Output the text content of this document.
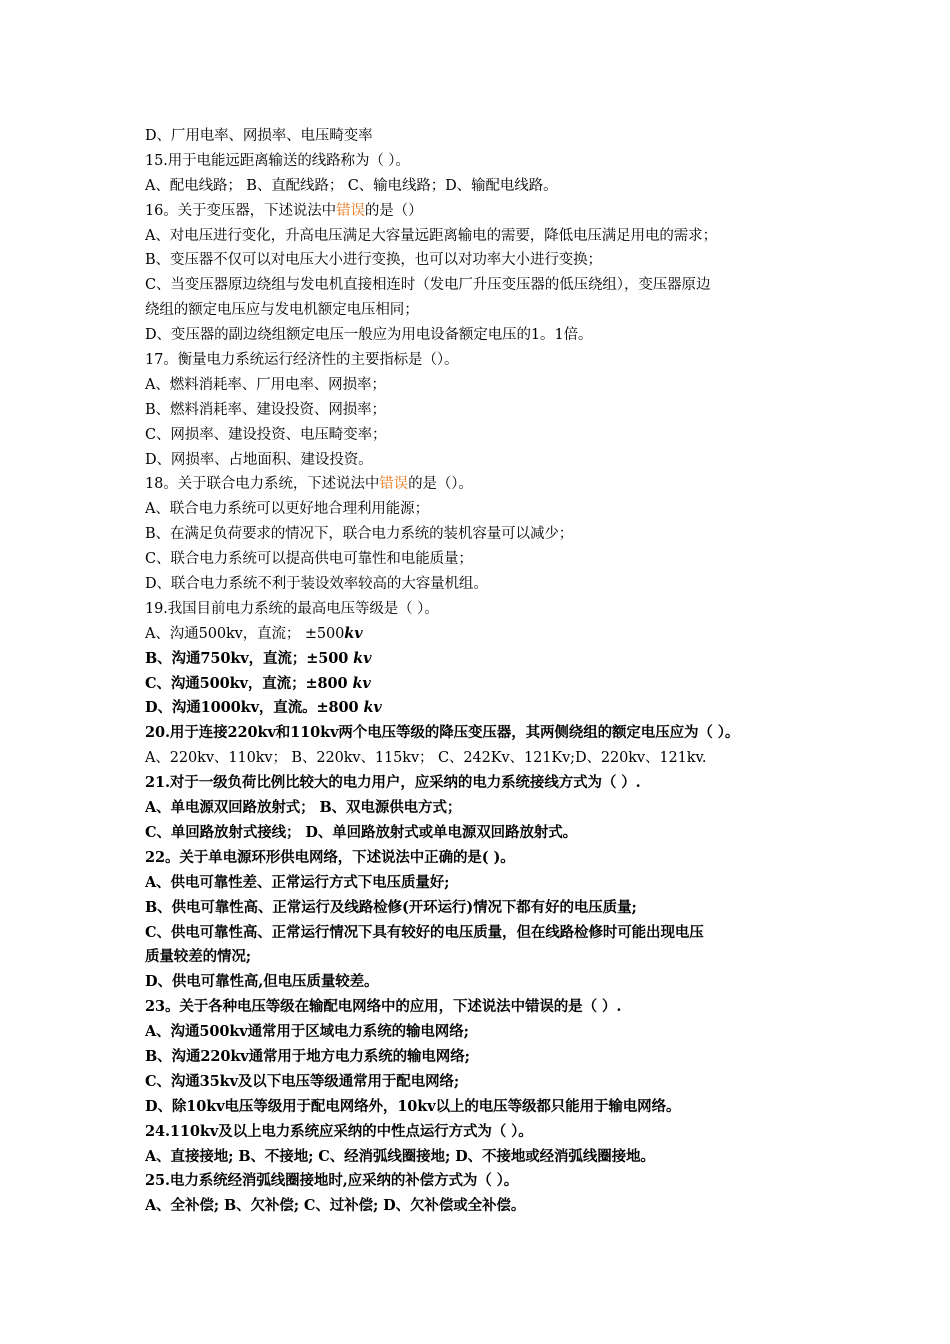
D、厂用电率、网损率、电压畸变率
15.用于电能远距离输送的线路称为（ ）。
A、配电线路； B、直配线路； C、输电线路；D、输配电线路。
16。关于变压器，下述说法中错误的是（）
A、对电压进行变化，升高电压满足大容量远距离输电的需要，降低电压满足用电的需求；
B、变压器不仅可以对电压大小进行变换，也可以对功率大小进行变换；
C、当变压器原边绕组与发电机直接相连时（发电厂升压变压器的低压绕组），变压器原边
绕组的额定电压应与发电机额定电压相同；
D、变压器的副边绕组额定电压一般应为用电设备额定电压的1。1倍。
17。衡量电力系统运行经济性的主要指标是（）。
A、燃料消耗率、厂用电率、网损率；
B、燃料消耗率、建设投资、网损率；
C、网损率、建设投资、电压畸变率；
D、网损率、占地面积、建设投资。
18。关于联合电力系统，下述说法中错误的是（）。
A、联合电力系统可以更好地合理利用能源；
B、在满足负荷要求的情况下，联合电力系统的装机容量可以减少；
C、联合电力系统可以提高供电可靠性和电能质量；
D、联合电力系统不利于装设效率较高的大容量机组。
19.我国目前电力系统的最高电压等级是（ ）。
A、沟通500kv，直流； ±500kv
B、沟通750kv，直流；±500 kv
C、沟通500kv，直流；±800 kv
D、沟通1000kv，直流。±800 kv
20.用于连接220kv和110kv两个电压等级的降压变压器，其两侧绕组的额定电压应为（ ）。
A、220kv、110kv； B、220kv、115kv； C、242Kv、121Kv;D、220kv、121kv.
21.对于一级负荷比例比较大的电力用户，应采纳的电力系统接线方式为（ ）.
A、单电源双回路放射式； B、双电源供电方式；
C、单回路放射式接线； D、单回路放射式或单电源双回路放射式。
22。关于单电源环形供电网络，下述说法中正确的是( )。
A、供电可靠性差、正常运行方式下电压质量好;
B、供电可靠性高、正常运行及线路检修(开环运行)情况下都有好的电压质量;
C、供电可靠性高、正常运行情况下具有较好的电压质量，但在线路检修时可能出现电压
质量较差的情况;
D、供电可靠性高,但电压质量较差。
23。关于各种电压等级在输配电网络中的应用，下述说法中错误的是（ ）.
A、沟通500kv通常用于区域电力系统的输电网络;
B、沟通220kv通常用于地方电力系统的输电网络;
C、沟通35kv及以下电压等级通常用于配电网络;
D、除10kv电压等级用于配电网络外，10kv以上的电压等级都只能用于输电网络。
24.110kv及以上电力系统应采纳的中性点运行方式为（ ）。
A、直接接地; B、不接地; C、经消弧线圈接地; D、不接地或经消弧线圈接地。
25.电力系统经消弧线圈接地时,应采纳的补偿方式为（ ）。
A、全补偿; B、欠补偿; C、过补偿; D、欠补偿或全补偿。
